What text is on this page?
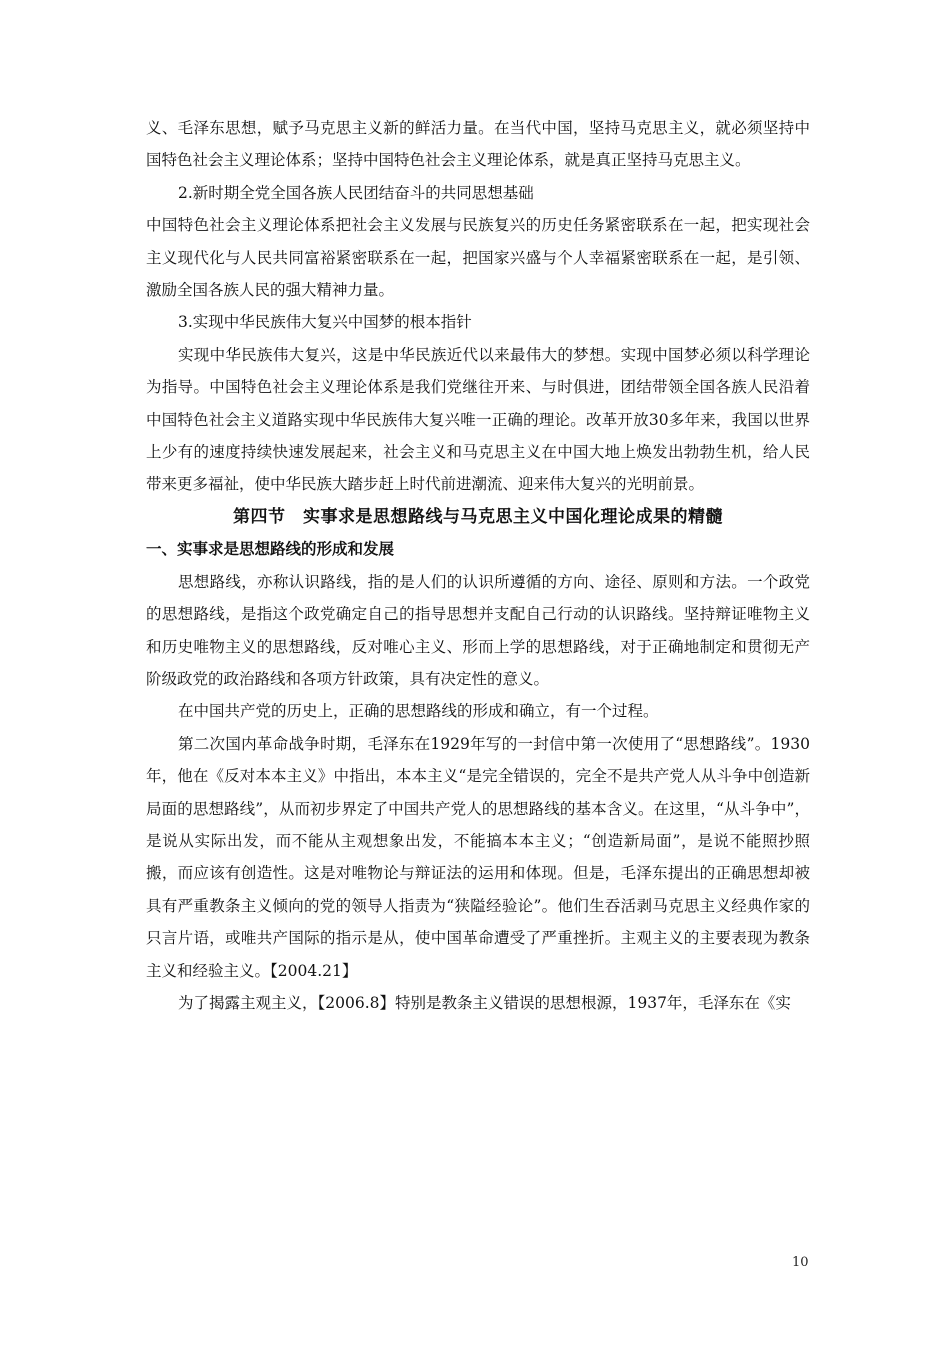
义、毛泽东思想，赋予马克思主义新的鲜活力量。在当代中国，坚持马克思主义，就必须坚持中国特色社会主义理论体系；坚持中国特色社会主义理论体系，就是真正坚持马克思主义。

2.新时期全党全国各族人民团结奋斗的共同思想基础

中国特色社会主义理论体系把社会主义发展与民族复兴的历史任务紧密联系在一起，把实现社会主义现代化与人民共同富裕紧密联系在一起，把国家兴盛与个人幸福紧密联系在一起，是引领、激励全国各族人民的强大精神力量。

3.实现中华民族伟大复兴中国梦的根本指针

实现中华民族伟大复兴，这是中华民族近代以来最伟大的梦想。实现中国梦必须以科学理论为指导。中国特色社会主义理论体系是我们党继往开来、与时俱进，团结带领全国各族人民沿着中国特色社会主义道路实现中华民族伟大复兴唯一正确的理论。改革开放30多年来，我国以世界上少有的速度持续快速发展起来，社会主义和马克思主义在中国大地上焕发出勃勃生机，给人民带来更多福祉，使中华民族大踏步赶上时代前进潮流、迎来伟大复兴的光明前景。

第四节　实事求是思想路线与马克思主义中国化理论成果的精髓

一、实事求是思想路线的形成和发展

思想路线，亦称认识路线，指的是人们的认识所遵循的方向、途径、原则和方法。一个政党的思想路线，是指这个政党确定自己的指导思想并支配自己行动的认识路线。坚持辩证唯物主义和历史唯物主义的思想路线，反对唯心主义、形而上学的思想路线，对于正确地制定和贯彻无产阶级政党的政治路线和各项方针政策，具有决定性的意义。

在中国共产党的历史上，正确的思想路线的形成和确立，有一个过程。

第二次国内革命战争时期，毛泽东在1929年写的一封信中第一次使用了“思想路线”。1930年，他在《反对本本主义》中指出，本本主义“是完全错误的，完全不是共产党人从斗争中创造新局面的思想路线”，从而初步界定了中国共产党人的思想路线的基本含义。在这里，“从斗争中”，是说从实际出发，而不能从主观想象出发，不能搞本本主义；“创造新局面”，是说不能照抄照搬，而应该有创造性。这是对唯物论与辩证法的运用和体现。但是，毛泽东提出的正确思想却被具有严重教条主义倾向的党的领导人指责为“狭隘经验论”。他们生吞活剥马克思主义经典作家的只言片语，或唯共产国际的指示是从，使中国革命遭受了严重挫折。主观主义的主要表现为教条主义和经验主义。【2004.21】

为了揭露主观主义，【2006.8】特别是教条主义错误的思想根源，1937年，毛泽东在《实

10
